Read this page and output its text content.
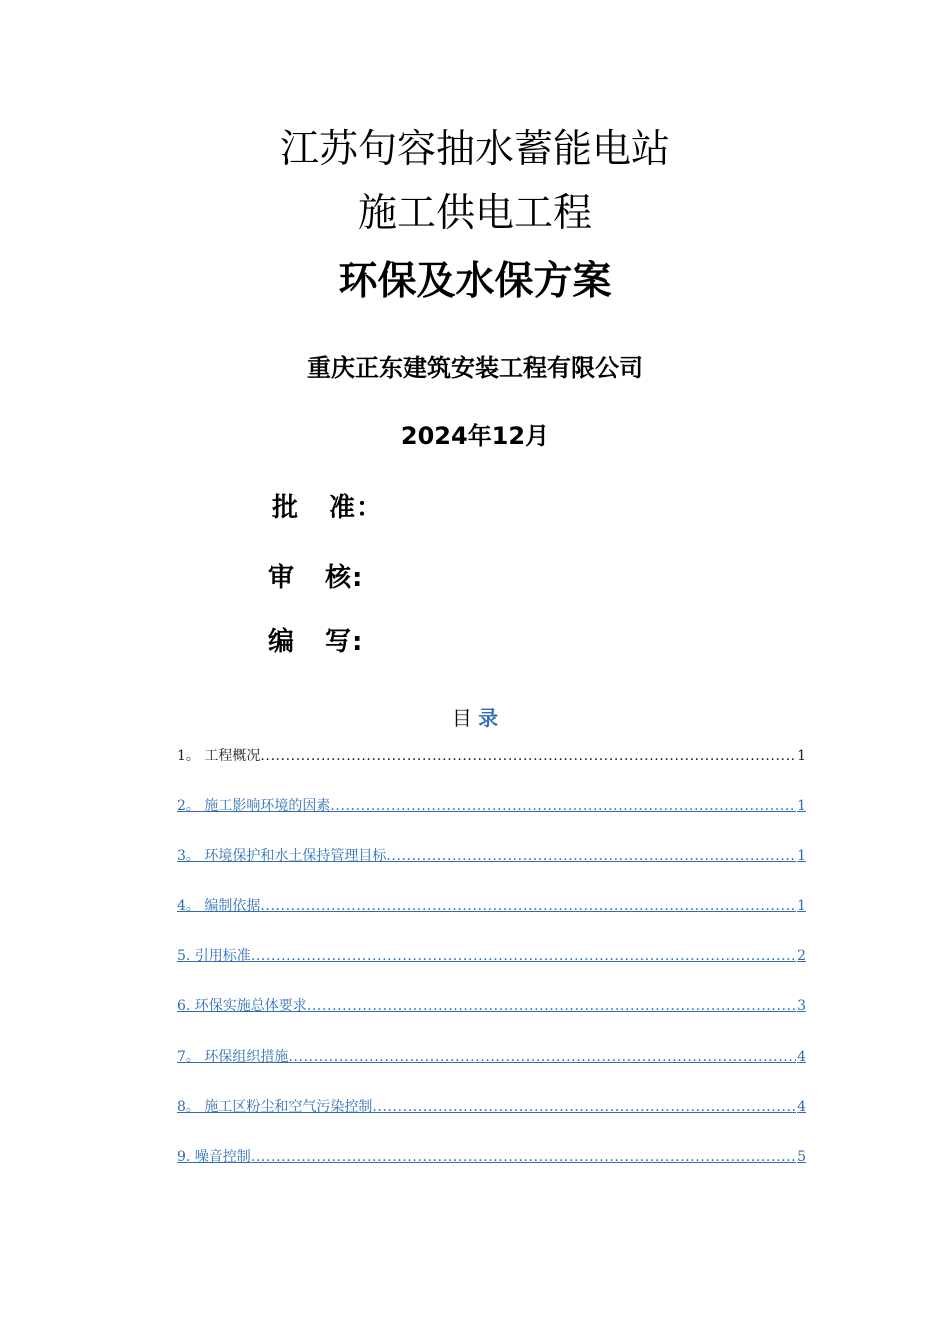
江苏句容抽水蓄能电站
施工供电工程
环保及水保方案
重庆正东建筑安装工程有限公司
2024年12月
批 准：
审 核:
编 写:
目 录
1。 工程概况 .....	1
2。 施工影响环境的因素 .....	1
3。 环境保护和水土保持管理目标 .....	1
4。 编制依据 .....	1
5. 引用标准 .....	2
6. 环保实施总体要求 .....	3
7。 环保组织措施 .....	4
8。 施工区粉尘和空气污染控制 .....	4
9. 噪音控制 .....	5
